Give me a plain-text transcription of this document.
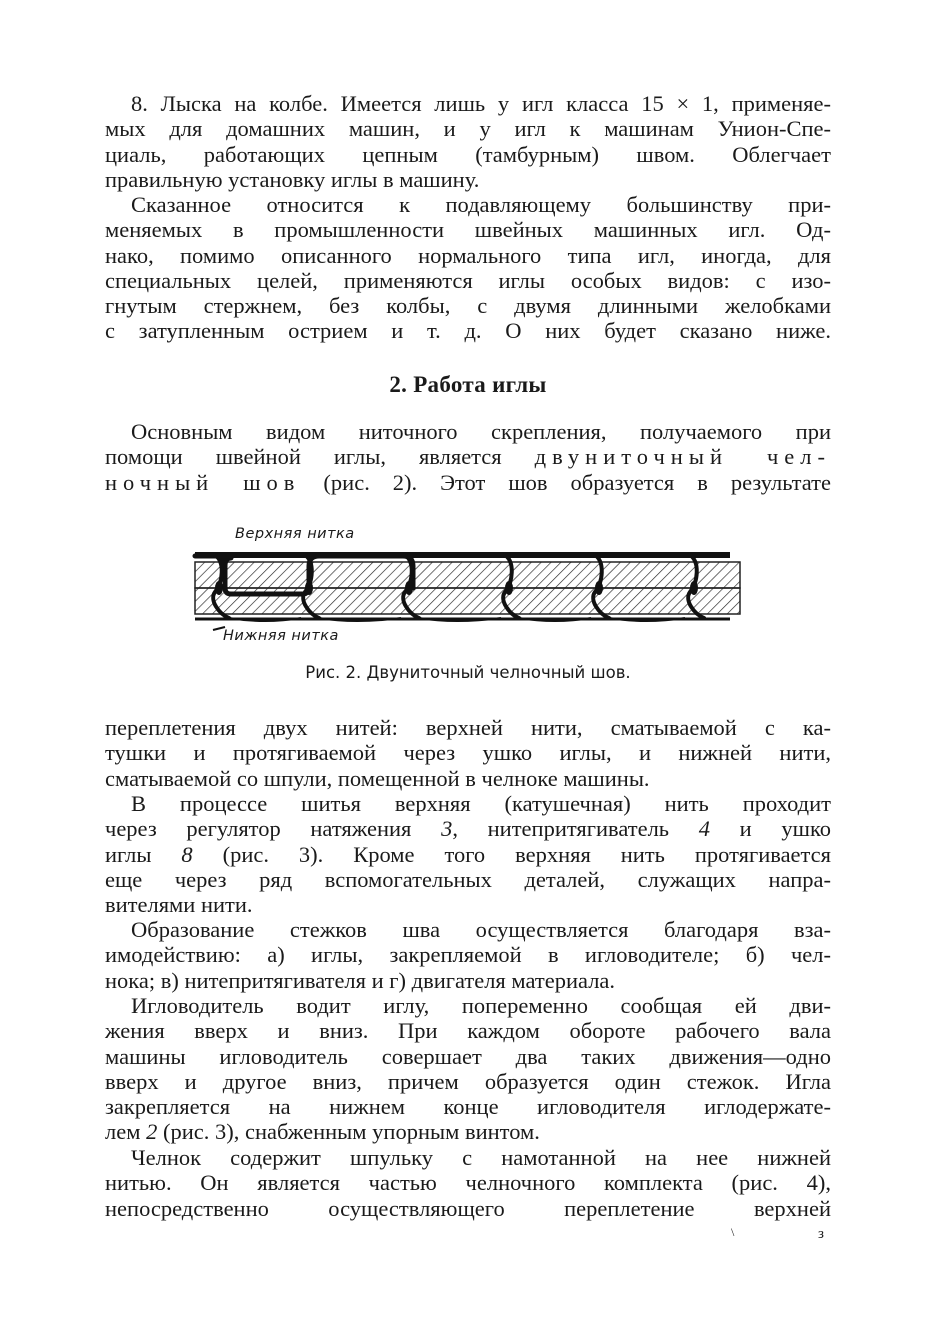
8. Лыска на колбе. Имеется лишь у игл класса 15 × 1, применяе-
мых для домашних машин, и у игл к машинам Унион-Спе-
циаль, работающих цепным (тамбурным) швом. Облегчает
правильную установку иглы в машину.
Сказанное относится к подавляющему большинству при-
меняемых в промышленности швейных машинных игл. Од-
нако, помимо описанного нормального типа игл, иногда, для
специальных целей, применяются иглы особых видов: с изо-
гнутым стержнем, без колбы, с двумя длинными желобками
с затупленным острием и т. д. О них будет сказано ниже.
2. Работа иглы
Основным видом ниточного скрепления, получаемого при
помощи швейной иглы, является двуниточный чел-
ночный шов (рис. 2). Этот шов образуется в результате
Верхняя нитка
Нижняя нитка
Рис. 2. Двуниточный челночный шов.
переплетения двух нитей: верхней нити, сматываемой с ка-
тушки и протягиваемой через ушко иглы, и нижней нити,
сматываемой со шпули, помещенной в челноке машины.
В процессе шитья верхняя (катушечная) нить проходит
через регулятор натяжения 3, нитепритягиватель 4 и ушко
иглы 8 (рис. 3). Кроме того верхняя нить протягивается
еще через ряд вспомогательных деталей, служащих напра-
вителями нити.
Образование стежков шва осуществляется благодаря вза-
имодействию: а) иглы, закрепляемой в игловодителе; б) чел-
нока; в) нитепритягивателя и г) двигателя материала.
Игловодитель водит иглу, попеременно сообщая ей дви-
жения вверх и вниз. При каждом обороте рабочего вала
машины игловодитель совершает два таких движения—одно
вверх и другое вниз, причем образуется один стежок. Игла
закрепляется на нижнем конце игловодителя иглодержате-
лем 2 (рис. 3), снабженным упорным винтом.
Челнок содержит шпульку с намотанной на нее нижней
нитью. Он является частью челночного комплекта (рис. 4),
непосредственно осуществляющего переплетение верхней
\	з
